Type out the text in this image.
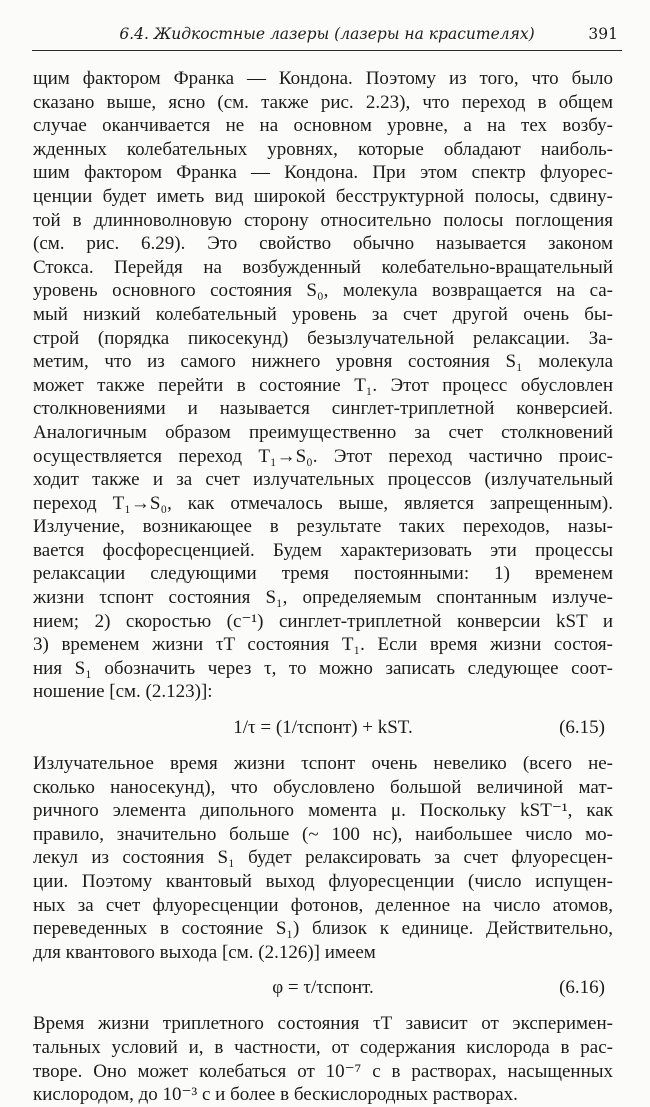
6.4. Жидкостные лазеры (лазеры на красителях)	391
щим фактором Франка — Кондона. Поэтому из того, что было
сказано выше, ясно (см. также рис. 2.23), что переход в общем
случае оканчивается не на основном уровне, а на тех возбу-
жденных колебательных уровнях, которые обладают наиболь-
шим фактором Франка — Кондона. При этом спектр флуорес-
ценции будет иметь вид широкой бесструктурной полосы, сдвину-
той в длинноволновую сторону относительно полосы поглощения
(см. рис. 6.29). Это свойство обычно называется законом
Стокса. Перейдя на возбужденный колебательно-вращательный
уровень основного состояния S₀, молекула возвращается на са-
мый низкий колебательный уровень за счет другой очень бы-
строй (порядка пикосекунд) безызлучательной релаксации. За-
метим, что из самого нижнего уровня состояния S₁ молекула
может также перейти в состояние T₁. Этот процесс обусловлен
столкновениями и называется синглет-триплетной конверсией.
Аналогичным образом преимущественно за счет столкновений
осуществляется переход T₁→S₀. Этот переход частично проис-
ходит также и за счет излучательных процессов (излучательный
переход T₁→S₀, как отмечалось выше, является запрещенным).
Излучение, возникающее в результате таких переходов, назы-
вается фосфоресценцией. Будем характеризовать эти процессы
релаксации следующими тремя постоянными: 1) временем
жизни τспонт состояния S₁, определяемым спонтанным излуче-
нием; 2) скоростью (с⁻¹) синглет-триплетной конверсии kST и
3) временем жизни τT состояния T₁. Если время жизни состоя-
ния S₁ обозначить через τ, то можно записать следующее соот-
ношение [см. (2.123)]:
1/τ = (1/τспонт) + kST.	(6.15)
Излучательное время жизни τспонт очень невелико (всего не-
сколько наносекунд), что обусловлено большой величиной мат-
ричного элемента дипольного момента μ. Поскольку kST⁻¹, как
правило, значительно больше (~ 100 нс), наибольшее число мо-
лекул из состояния S₁ будет релаксировать за счет флуоресцен-
ции. Поэтому квантовый выход флуоресценции (число испущен-
ных за счет флуоресценции фотонов, деленное на число атомов,
переведенных в состояние S₁) близок к единице. Действительно,
для квантового выхода [см. (2.126)] имеем
φ = τ/τспонт.	(6.16)
Время жизни триплетного состояния τT зависит от эксперимен-
тальных условий и, в частности, от содержания кислорода в рас-
творе. Оно может колебаться от 10⁻⁷ с в растворах, насыщенных
кислородом, до 10⁻³ с и более в бескислородных растворах.
